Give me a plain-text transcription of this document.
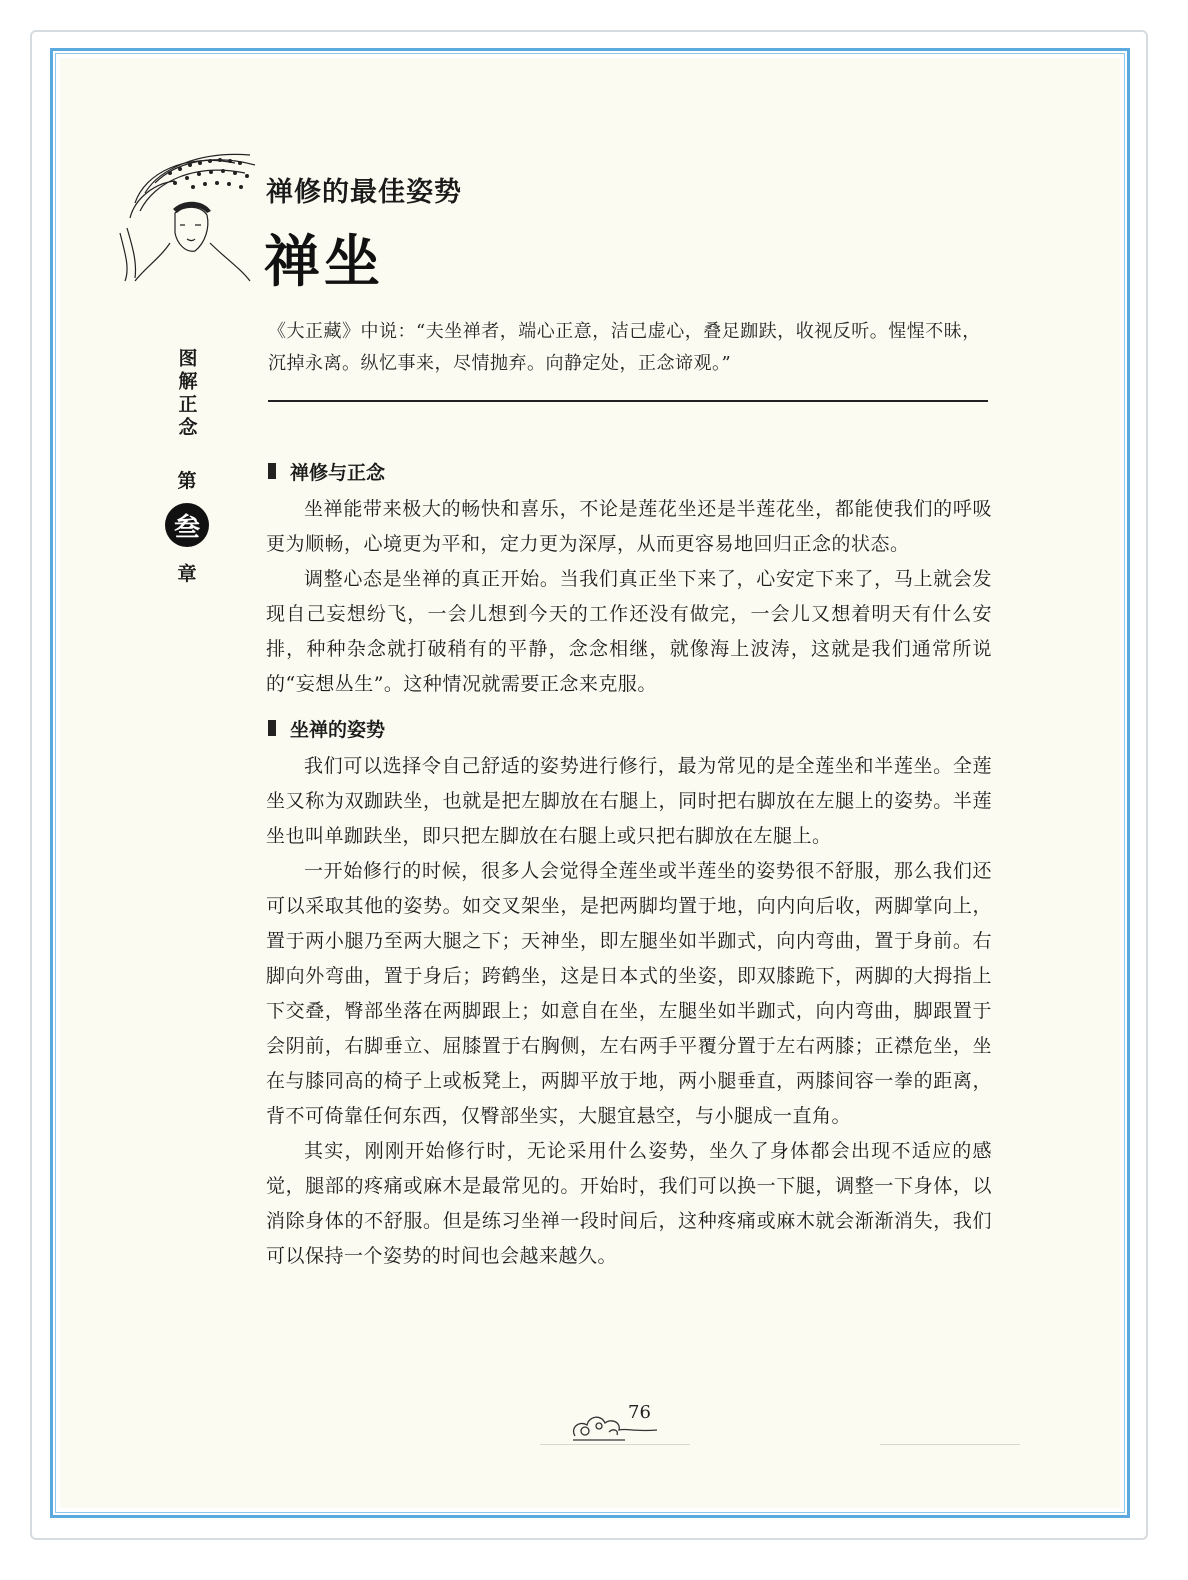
禅修的最佳姿势
禅坐

《大正藏》中说：“夫坐禅者，端心正意，洁己虚心，叠足跏趺，收视反听。惺惺不昧，沉掉永离。纵忆事来，尽情抛弃。向静定处，正念谛观。”

图解正念
第
叁
章
禅修与正念

坐禅能带来极大的畅快和喜乐，不论是莲花坐还是半莲花坐，都能使我们的呼吸更为顺畅，心境更为平和，定力更为深厚，从而更容易地回归正念的状态。

调整心态是坐禅的真正开始。当我们真正坐下来了，心安定下来了，马上就会发现自己妄想纷飞，一会儿想到今天的工作还没有做完，一会儿又想着明天有什么安排，种种杂念就打破稍有的平静，念念相继，就像海上波涛，这就是我们通常所说的“妄想丛生”。这种情况就需要正念来克服。

坐禅的姿势

我们可以选择令自己舒适的姿势进行修行，最为常见的是全莲坐和半莲坐。全莲坐又称为双跏趺坐，也就是把左脚放在右腿上，同时把右脚放在左腿上的姿势。半莲坐也叫单跏趺坐，即只把左脚放在右腿上或只把右脚放在左腿上。

一开始修行的时候，很多人会觉得全莲坐或半莲坐的姿势很不舒服，那么我们还可以采取其他的姿势。如交叉架坐，是把两脚均置于地，向内向后收，两脚掌向上，置于两小腿乃至两大腿之下；天神坐，即左腿坐如半跏式，向内弯曲，置于身前。右脚向外弯曲，置于身后；跨鹤坐，这是日本式的坐姿，即双膝跪下，两脚的大拇指上下交叠，臀部坐落在两脚跟上；如意自在坐，左腿坐如半跏式，向内弯曲，脚跟置于会阴前，右脚垂立、屈膝置于右胸侧，左右两手平覆分置于左右两膝；正襟危坐，坐在与膝同高的椅子上或板凳上，两脚平放于地，两小腿垂直，两膝间容一拳的距离，背不可倚靠任何东西，仅臀部坐实，大腿宜悬空，与小腿成一直角。

其实，刚刚开始修行时，无论采用什么姿势，坐久了身体都会出现不适应的感觉，腿部的疼痛或麻木是最常见的。开始时，我们可以换一下腿，调整一下身体，以消除身体的不舒服。但是练习坐禅一段时间后，这种疼痛或麻木就会渐渐消失，我们可以保持一个姿势的时间也会越来越久。

76
